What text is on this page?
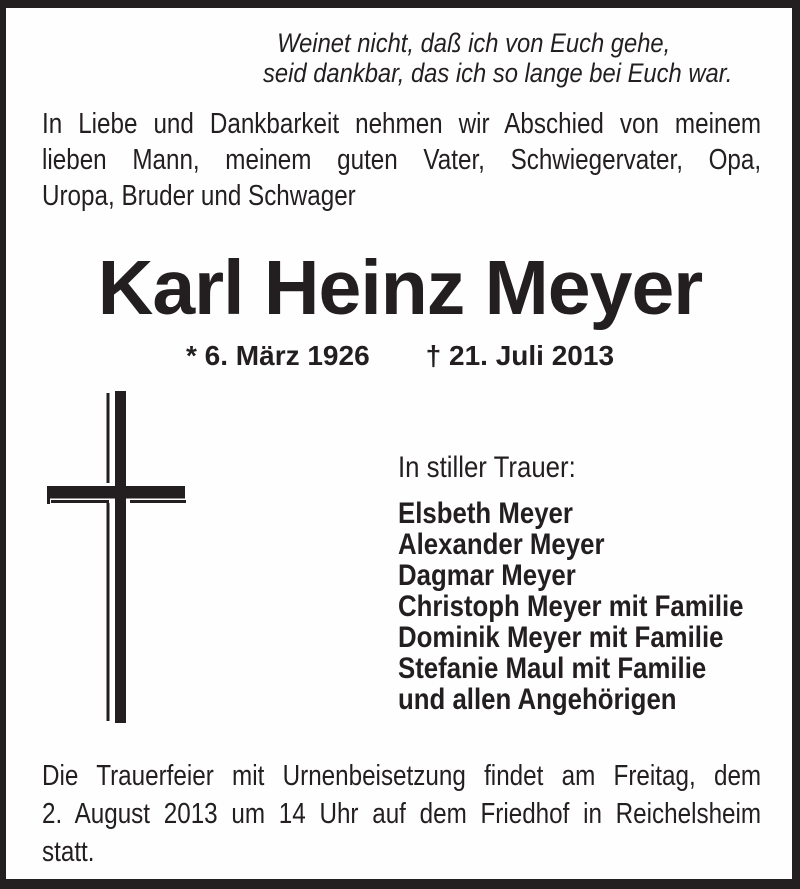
Weinet nicht, daß ich von Euch gehe,
seid dankbar, das ich so lange bei Euch war.
In Liebe und Dankbarkeit nehmen wir Abschied von meinem
lieben Mann, meinem guten Vater, Schwiegervater, Opa,
Uropa, Bruder und Schwager
Karl Heinz Meyer
* 6. März 1926 † 21. Juli 2013
In stiller Trauer:
Elsbeth Meyer
Alexander Meyer
Dagmar Meyer
Christoph Meyer mit Familie
Dominik Meyer mit Familie
Stefanie Maul mit Familie
und allen Angehörigen
Die Trauerfeier mit Urnenbeisetzung findet am Freitag, dem
2. August 2013 um 14 Uhr auf dem Friedhof in Reichelsheim
statt.
